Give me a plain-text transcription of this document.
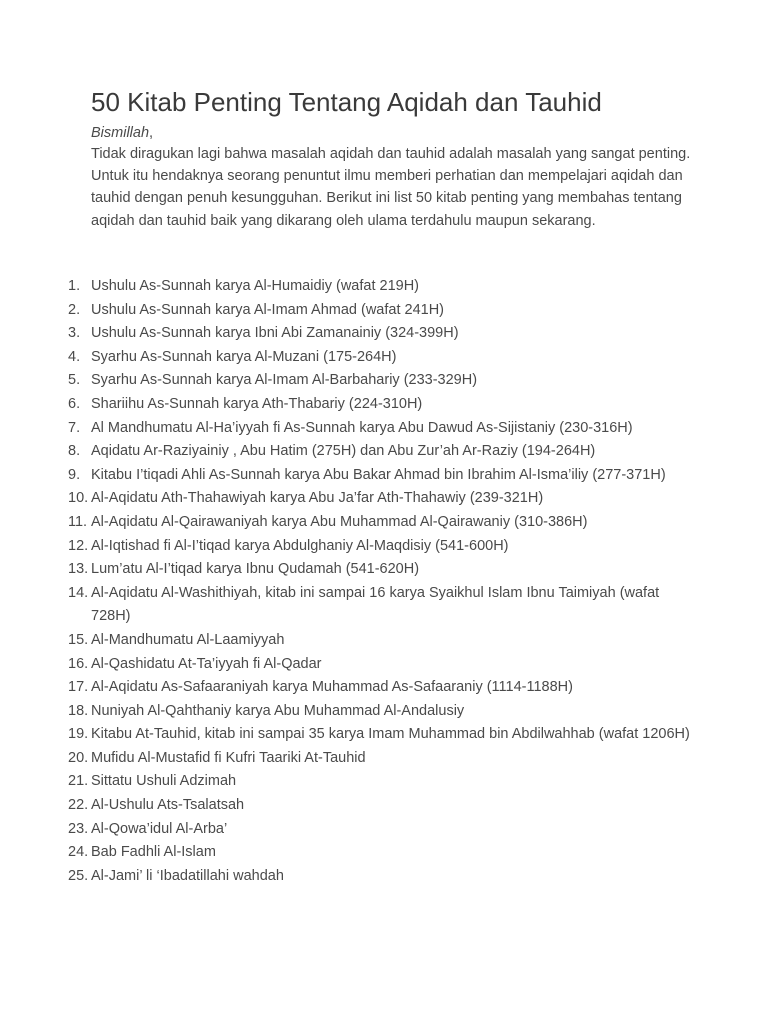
50 Kitab Penting Tentang Aqidah dan Tauhid

Bismillah,

Tidak diragukan lagi bahwa masalah aqidah dan tauhid adalah masalah yang sangat penting. Untuk itu hendaknya seorang penuntut ilmu memberi perhatian dan mempelajari aqidah dan tauhid dengan penuh kesungguhan. Berikut ini list 50 kitab penting yang membahas tentang aqidah dan tauhid baik yang dikarang oleh ulama terdahulu maupun sekarang.

1. Ushulu As-Sunnah karya Al-Humaidiy (wafat 219H)
2. Ushulu As-Sunnah karya Al-Imam Ahmad (wafat 241H)
3. Ushulu As-Sunnah karya Ibni Abi Zamanainiy (324-399H)
4. Syarhu As-Sunnah karya Al-Muzani (175-264H)
5. Syarhu As-Sunnah karya Al-Imam Al-Barbahariy (233-329H)
6. Shariihu As-Sunnah karya Ath-Thabariy (224-310H)
7. Al Mandhumatu Al-Ha’iyyah fi As-Sunnah karya Abu Dawud As-Sijistaniy (230-316H)
8. Aqidatu Ar-Raziyainiy , Abu Hatim (275H) dan Abu Zur’ah Ar-Raziy (194-264H)
9. Kitabu I’tiqadi Ahli As-Sunnah karya Abu Bakar Ahmad bin Ibrahim Al-Isma’iliy (277-371H)
10. Al-Aqidatu Ath-Thahawiyah karya Abu Ja’far Ath-Thahawiy (239-321H)
11. Al-Aqidatu Al-Qairawaniyah karya Abu Muhammad Al-Qairawaniy (310-386H)
12. Al-Iqtishad fi Al-I’tiqad karya Abdulghaniy Al-Maqdisiy (541-600H)
13. Lum’atu Al-I’tiqad karya Ibnu Qudamah (541-620H)
14. Al-Aqidatu Al-Washithiyah, kitab ini sampai 16 karya Syaikhul Islam Ibnu Taimiyah (wafat 728H)
15. Al-Mandhumatu Al-Laamiyyah
16. Al-Qashidatu At-Ta’iyyah fi Al-Qadar
17. Al-Aqidatu As-Safaaraniyah karya Muhammad As-Safaaraniy (1114-1188H)
18. Nuniyah Al-Qahthaniy karya Abu Muhammad Al-Andalusiy
19. Kitabu At-Tauhid, kitab ini sampai 35 karya Imam Muhammad bin Abdilwahhab (wafat 1206H)
20. Mufidu Al-Mustafid fi Kufri Taariki At-Tauhid
21. Sittatu Ushuli Adzimah
22. Al-Ushulu Ats-Tsalatsah
23. Al-Qowa’idul Al-Arba’
24. Bab Fadhli Al-Islam
25. Al-Jami’ li ‘Ibadatillahi wahdah
